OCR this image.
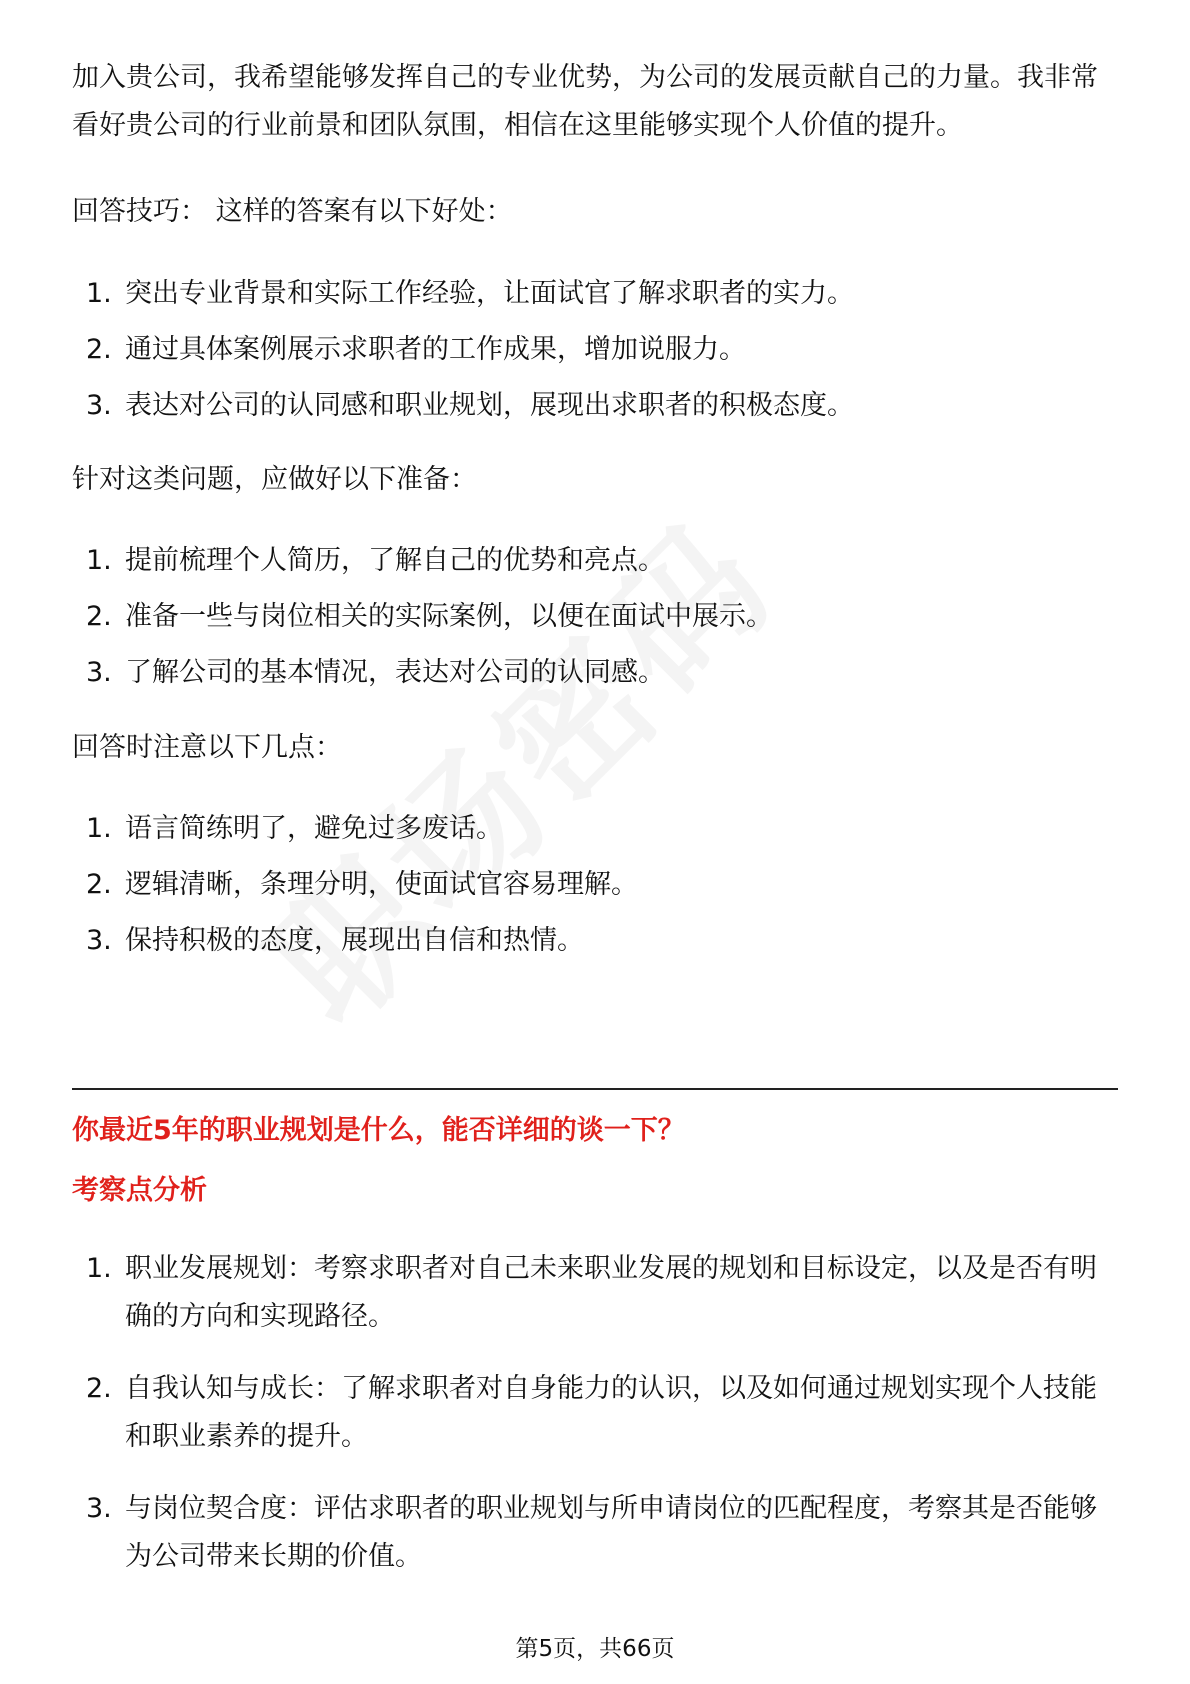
加入贵公司，我希望能够发挥自己的专业优势，为公司的发展贡献自己的力量。我非常看好贵公司的行业前景和团队氛围，相信在这里能够实现个人价值的提升。

回答技巧： 这样的答案有以下好处：

1. 突出专业背景和实际工作经验，让面试官了解求职者的实力。

2. 通过具体案例展示求职者的工作成果，增加说服力。

3. 表达对公司的认同感和职业规划，展现出求职者的积极态度。

针对这类问题，应做好以下准备：

1. 提前梳理个人简历，了解自己的优势和亮点。

2. 准备一些与岗位相关的实际案例，以便在面试中展示。

3. 了解公司的基本情况，表达对公司的认同感。

回答时注意以下几点：

1. 语言简练明了，避免过多废话。

2. 逻辑清晰，条理分明，使面试官容易理解。

3. 保持积极的态度，展现出自信和热情。

你最近5年的职业规划是什么，能否详细的谈一下？

考察点分析

1. 职业发展规划：考察求职者对自己未来职业发展的规划和目标设定，以及是否有明确的方向和实现路径。
2. 自我认知与成长：了解求职者对自身能力的认识，以及如何通过规划实现个人技能和职业素养的提升。
3. 与岗位契合度：评估求职者的职业规划与所申请岗位的匹配程度，考察其是否能够为公司带来长期的价值。
第5页，共66页
